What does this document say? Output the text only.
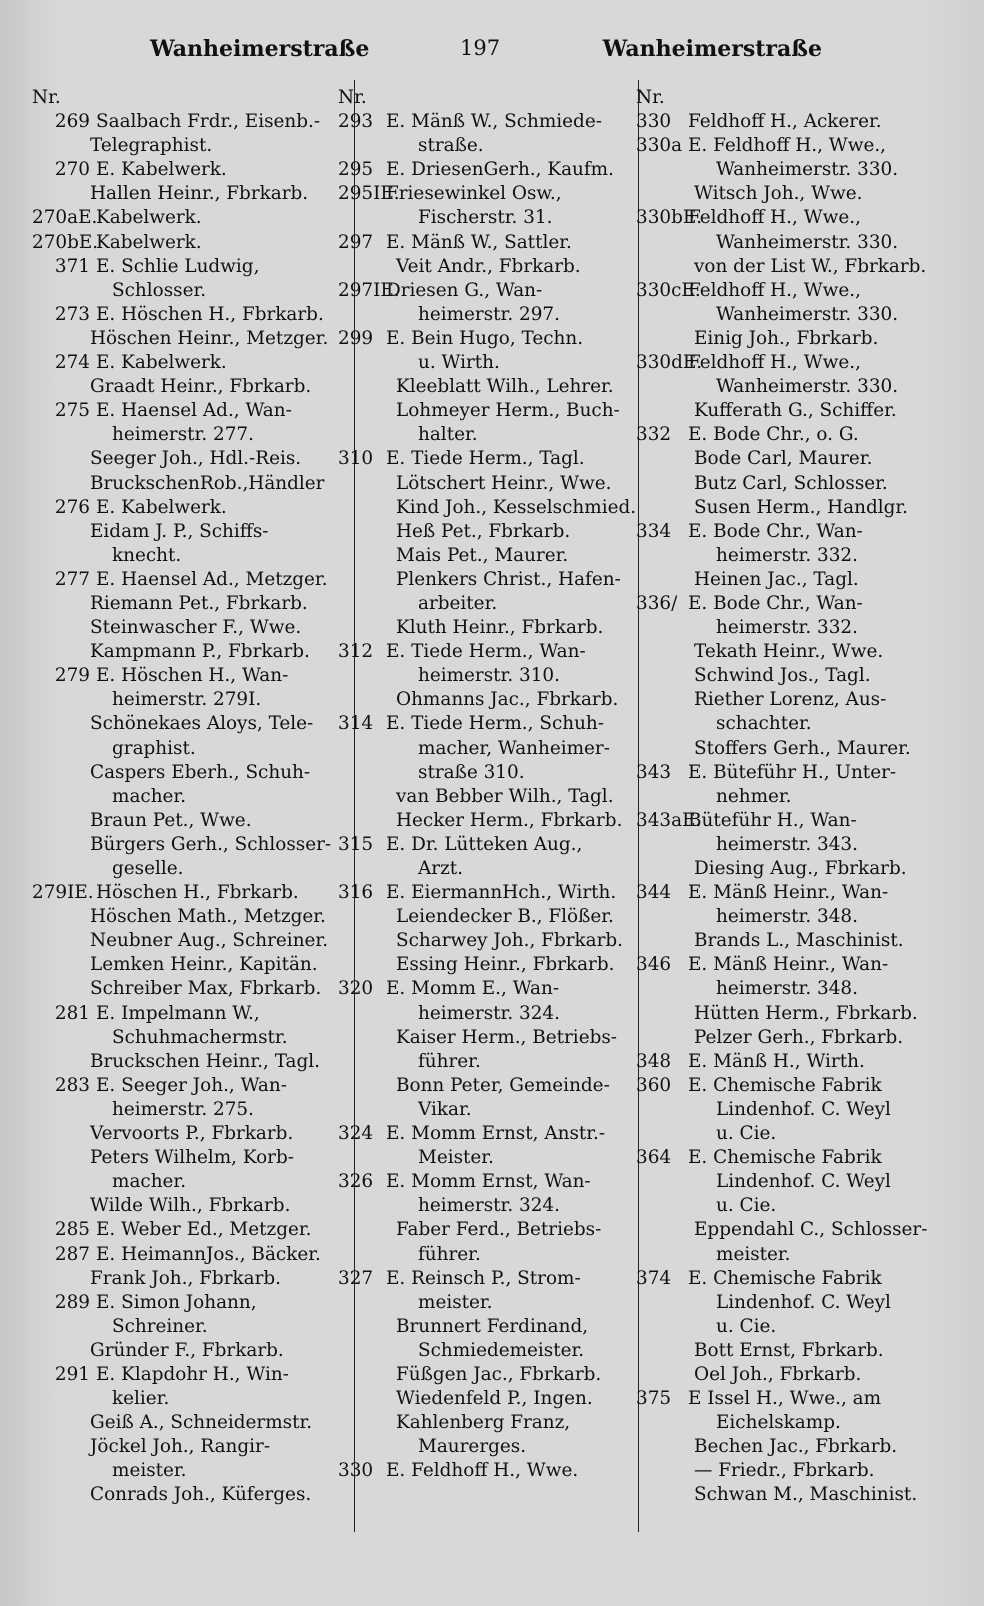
Wanheimerstraße	197	Wanheimerstraße
Nr.
269 Saalbach Frdr., Eisenb.-
Telegraphist.
270 E. Kabelwerk.
Hallen Heinr., Fbrkarb.
270aE.Kabelwerk.
270bE.Kabelwerk.
371 E. Schlie Ludwig,
Schlosser.
273 E. Höschen H., Fbrkarb.
Höschen Heinr., Metzger.
274 E. Kabelwerk.
Graadt Heinr., Fbrkarb.
275 E. Haensel Ad., Wan-
heimerstr. 277.
Seeger Joh., Hdl.-Reis.
BruckschenRob.,Händler
276 E. Kabelwerk.
Eidam J. P., Schiffs-
knecht.
277 E. Haensel Ad., Metzger.
Riemann Pet., Fbrkarb.
Steinwascher F., Wwe.
Kampmann P., Fbrkarb.
279 E. Höschen H., Wan-
heimerstr. 279I.
Schönekaes Aloys, Tele-
graphist.
Caspers Eberh., Schuh-
macher.
Braun Pet., Wwe.
Bürgers Gerh., Schlosser-
geselle.
279IE. Höschen H., Fbrkarb.
Höschen Math., Metzger.
Neubner Aug., Schreiner.
Lemken Heinr., Kapitän.
Schreiber Max, Fbrkarb.
281 E. Impelmann W.,
Schuhmachermstr.
Bruckschen Heinr., Tagl.
283 E. Seeger Joh., Wan-
heimerstr. 275.
Vervoorts P., Fbrkarb.
Peters Wilhelm, Korb-
macher.
Wilde Wilh., Fbrkarb.
285 E. Weber Ed., Metzger.
287 E. HeimannJos., Bäcker.
Frank Joh., Fbrkarb.
289 E. Simon Johann,
Schreiner.
Gründer F., Fbrkarb.
291 E. Klapdohr H., Win-
kelier.
Geiß A., Schneidermstr.
Jöckel Joh., Rangir-
meister.
Conrads Joh., Küferges.
Nr.
293 E. Mänß W., Schmiede-
straße.
295 E. DriesenGerh., Kaufm.
295IE.Friesewinkel Osw.,
Fischerstr. 31.
297 E. Mänß W., Sattler.
Veit Andr., Fbrkarb.
297IE.Driesen G., Wan-
heimerstr. 297.
299 E. Bein Hugo, Techn.
u. Wirth.
Kleeblatt Wilh., Lehrer.
Lohmeyer Herm., Buch-
halter.
310 E. Tiede Herm., Tagl.
Lötschert Heinr., Wwe.
Kind Joh., Kesselschmied.
Heß Pet., Fbrkarb.
Mais Pet., Maurer.
Plenkers Christ., Hafen-
arbeiter.
Kluth Heinr., Fbrkarb.
312 E. Tiede Herm., Wan-
heimerstr. 310.
Ohmanns Jac., Fbrkarb.
314 E. Tiede Herm., Schuh-
macher, Wanheimer-
straße 310.
van Bebber Wilh., Tagl.
Hecker Herm., Fbrkarb.
315 E. Dr. Lütteken Aug.,
Arzt.
316 E. EiermannHch., Wirth.
Leiendecker B., Flößer.
Scharwey Joh., Fbrkarb.
Essing Heinr., Fbrkarb.
320 E. Momm E., Wan-
heimerstr. 324.
Kaiser Herm., Betriebs-
führer.
Bonn Peter, Gemeinde-
Vikar.
324 E. Momm Ernst, Anstr.-
Meister.
326 E. Momm Ernst, Wan-
heimerstr. 324.
Faber Ferd., Betriebs-
führer.
327 E. Reinsch P., Strom-
meister.
Brunnert Ferdinand,
Schmiedemeister.
Füßgen Jac., Fbrkarb.
Wiedenfeld P., Ingen.
Kahlenberg Franz,
Maurerges.
330 E. Feldhoff H., Wwe.
Nr.
330 Feldhoff H., Ackerer.
330a E. Feldhoff H., Wwe.,
Wanheimerstr. 330.
Witsch Joh., Wwe.
330bE.Feldhoff H., Wwe.,
Wanheimerstr. 330.
von der List W., Fbrkarb.
330cE.Feldhoff H., Wwe.,
Wanheimerstr. 330.
Einig Joh., Fbrkarb.
330dE.Feldhoff H., Wwe.,
Wanheimerstr. 330.
Kufferath G., Schiffer.
332 E. Bode Chr., o. G.
Bode Carl, Maurer.
Butz Carl, Schlosser.
Susen Herm., Handlgr.
334 E. Bode Chr., Wan-
heimerstr. 332.
Heinen Jac., Tagl.
336/ E. Bode Chr., Wan-
heimerstr. 332.
Tekath Heinr., Wwe.
Schwind Jos., Tagl.
Riether Lorenz, Aus-
schachter.
Stoffers Gerh., Maurer.
343 E. Büteführ H., Unter-
nehmer.
343aE.Büteführ H., Wan-
heimerstr. 343.
Diesing Aug., Fbrkarb.
344 E. Mänß Heinr., Wan-
heimerstr. 348.
Brands L., Maschinist.
346 E. Mänß Heinr., Wan-
heimerstr. 348.
Hütten Herm., Fbrkarb.
Pelzer Gerh., Fbrkarb.
348 E. Mänß H., Wirth.
360 E. Chemische Fabrik
Lindenhof. C. Weyl
u. Cie.
364 E. Chemische Fabrik
Lindenhof. C. Weyl
u. Cie.
Eppendahl C., Schlosser-
meister.
374 E. Chemische Fabrik
Lindenhof. C. Weyl
u. Cie.
Bott Ernst, Fbrkarb.
Oel Joh., Fbrkarb.
375 E Issel H., Wwe., am
Eichelskamp.
Bechen Jac., Fbrkarb.
— Friedr., Fbrkarb.
Schwan M., Maschinist.
